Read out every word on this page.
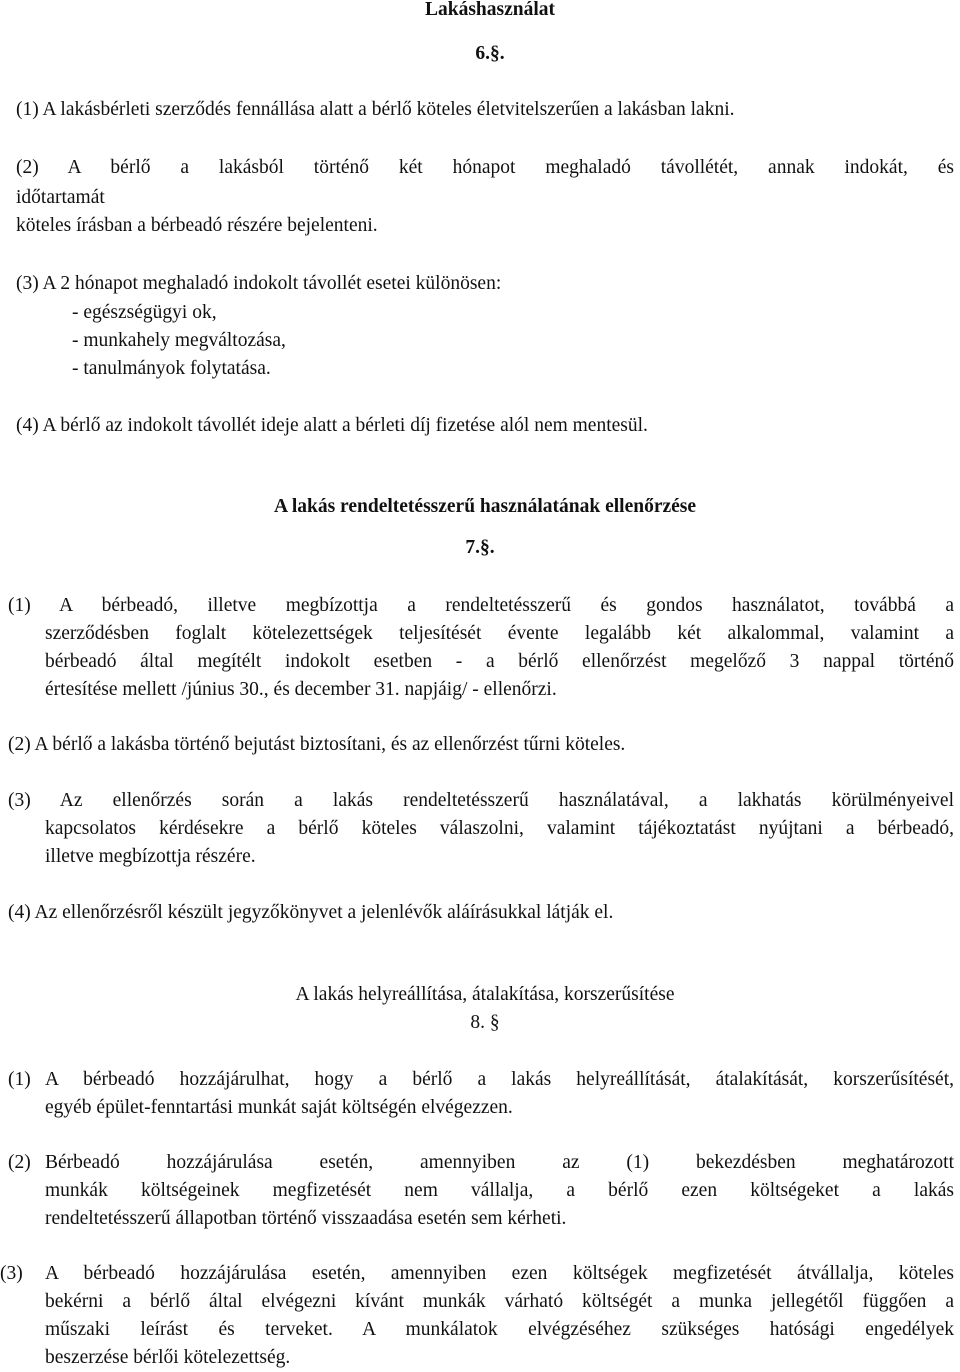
Lakáshasználat
6.§.
(1) A lakásbérleti szerződés fennállása alatt a bérlő köteles életvitelszerűen a lakásban lakni.
(2) A bérlő a lakásból történő két hónapot meghaladó távollétét, annak indokát, és
időtartamát
köteles írásban a bérbeadó részére bejelenteni.
(3) A 2 hónapot meghaladó indokolt távollét esetei különösen:
- egészségügyi ok,
- munkahely megváltozása,
- tanulmányok folytatása.
(4) A bérlő az indokolt távollét ideje alatt a bérleti díj fizetése alól nem mentesül.
A lakás rendeltetésszerű használatának ellenőrzése
7.§.
(1) A bérbeadó, illetve megbízottja a rendeltetésszerű és gondos használatot, továbbá a
szerződésben foglalt kötelezettségek teljesítését évente legalább két alkalommal, valamint a
bérbeadó által megítélt indokolt esetben - a bérlő ellenőrzést megelőző 3 nappal történő
értesítése mellett /június 30., és december 31. napjáig/ - ellenőrzi.
(2) A bérlő a lakásba történő bejutást biztosítani, és az ellenőrzést tűrni köteles.
(3) Az ellenőrzés során a lakás rendeltetésszerű használatával, a lakhatás körülményeivel
kapcsolatos kérdésekre a bérlő köteles válaszolni, valamint tájékoztatást nyújtani a bérbeadó,
illetve megbízottja részére.
(4) Az ellenőrzésről készült jegyzőkönyvet a jelenlévők aláírásukkal látják el.
A lakás helyreállítása, átalakítása, korszerűsítése
8. §
(1) A bérbeadó hozzájárulhat, hogy a bérlő a lakás helyreállítását, átalakítását, korszerűsítését,
egyéb épület-fenntartási munkát saját költségén elvégezzen.
(2) Bérbeadó hozzájárulása esetén, amennyiben az (1) bekezdésben meghatározott
munkák költségeinek megfizetését nem vállalja, a bérlő ezen költségeket a lakás
rendeltetésszerű állapotban történő visszaadása esetén sem kérheti.
(3) A bérbeadó hozzájárulása esetén, amennyiben ezen költségek megfizetését átvállalja, köteles
bekérni a bérlő által elvégezni kívánt munkák várható költségét a munka jellegétől függően a
műszaki leírást és terveket. A munkálatok elvégzéséhez szükséges hatósági engedélyek
beszerzése bérlői kötelezettség.
